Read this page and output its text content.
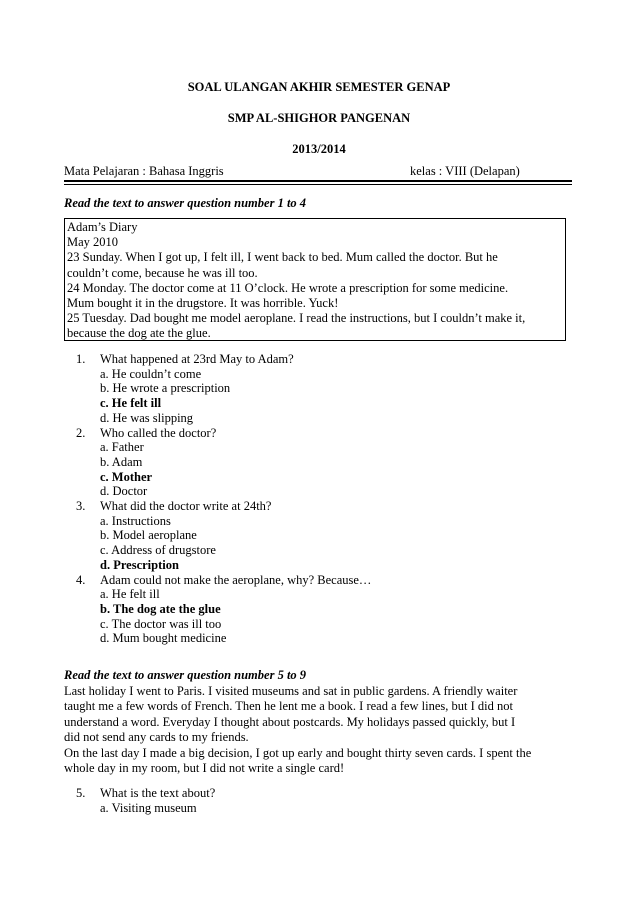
SOAL ULANGAN AKHIR SEMESTER GENAP
SMP AL-SHIGHOR PANGENAN
2013/2014
Mata Pelajaran : Bahasa Inggris	kelas : VIII (Delapan)
Read the text to answer question number 1 to 4
Adam’s Diary
May 2010
23 Sunday. When I got up, I felt ill, I went back to bed. Mum called the doctor. But he
couldn’t come, because he was ill too.
24 Monday. The doctor come at 11 O’clock. He wrote a prescription for some medicine.
Mum bought it in the drugstore. It was horrible. Yuck!
25 Tuesday. Dad bought me model aeroplane. I read the instructions, but I couldn’t make it,
because the dog ate the glue.
1. What happened at 23rd May to Adam?
a. He couldn’t come
b. He wrote a prescription
c. He felt ill
d. He was slipping
2. Who called the doctor?
a. Father
b. Adam
c. Mother
d. Doctor
3. What did the doctor write at 24th?
a. Instructions
b. Model aeroplane
c. Address of drugstore
d. Prescription
4. Adam could not make the aeroplane, why? Because…
a. He felt ill
b. The dog ate the glue
c. The doctor was ill too
d. Mum bought medicine
Read the text to answer question number 5 to 9
Last holiday I went to Paris. I visited museums and sat in public gardens. A friendly waiter
taught me a few words of French. Then he lent me a book. I read a few lines, but I did not
understand a word. Everyday I thought about postcards. My holidays passed quickly, but I
did not send any cards to my friends.
On the last day I made a big decision, I got up early and bought thirty seven cards. I spent the
whole day in my room, but I did not write a single card!
5. What is the text about?
a. Visiting museum
